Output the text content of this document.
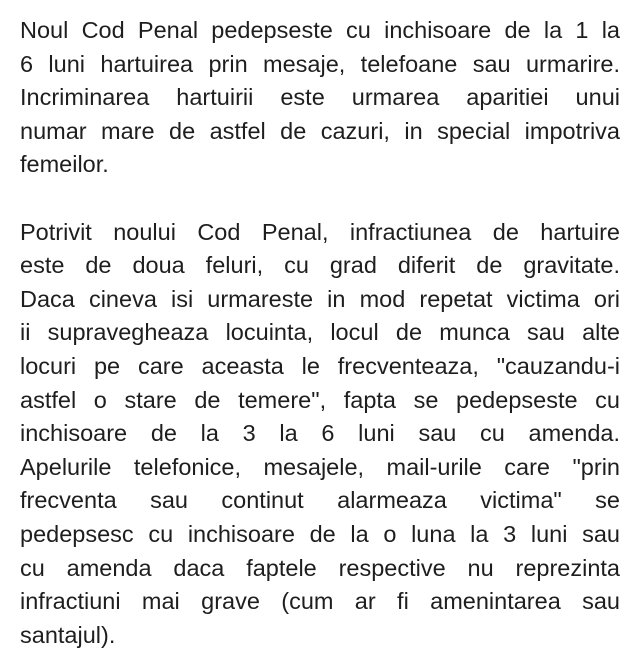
Noul Cod Penal pedepseste cu inchisoare de la 1 la
6 luni hartuirea prin mesaje, telefoane sau urmarire.
Incriminarea hartuirii este urmarea aparitiei unui
numar mare de astfel de cazuri, in special impotriva
femeilor.
Potrivit noului Cod Penal, infractiunea de hartuire
este de doua feluri, cu grad diferit de gravitate.
Daca cineva isi urmareste in mod repetat victima ori
ii supravegheaza locuinta, locul de munca sau alte
locuri pe care aceasta le frecventeaza, "cauzandu-i
astfel o stare de temere", fapta se pedepseste cu
inchisoare de la 3 la 6 luni sau cu amenda.
Apelurile telefonice, mesajele, mail-urile care "prin
frecventa sau continut alarmeaza victima" se
pedepsesc cu inchisoare de la o luna la 3 luni sau
cu amenda daca faptele respective nu reprezinta
infractiuni mai grave (cum ar fi amenintarea sau
santajul).
